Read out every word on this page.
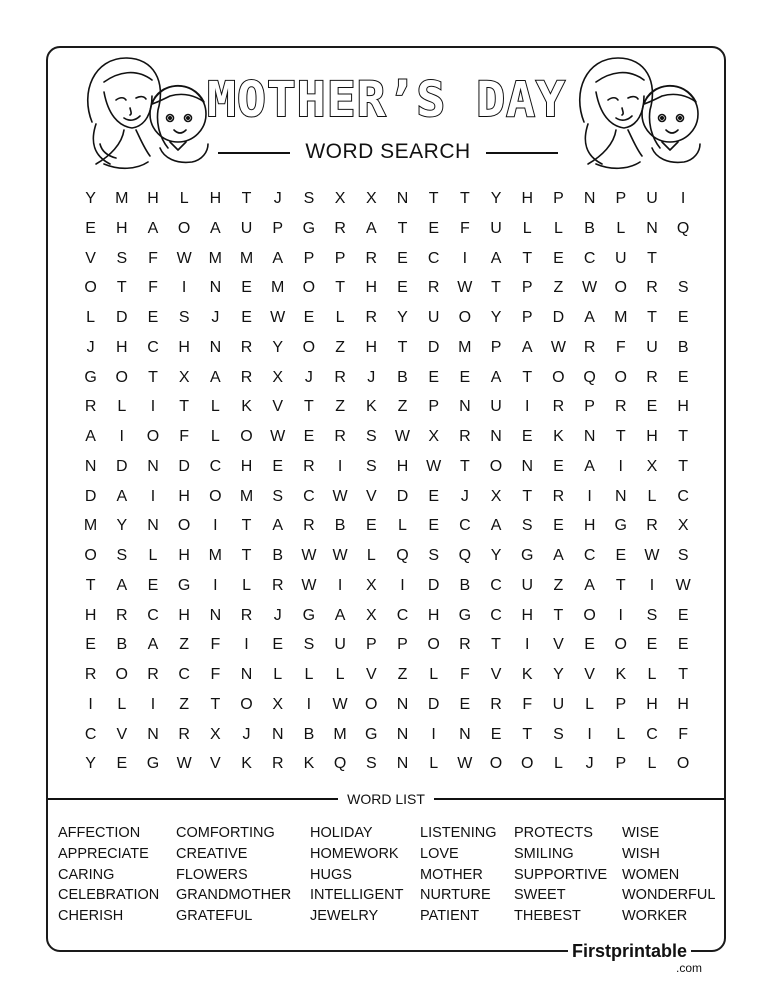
MOTHER’S DAY
WORD SEARCH
Y	M	H	L	H	T	J	S	X	X	N	T	T	Y	H	P	N	P	U	I
E	H	A	O	A	U	P	G	R	A	T	E	F	U	L	L	B	L	N	Q
V	S	F	W	M	M	A	P	P	R	E	C	I	A	T	E	C	U	T
O	T	F	I	N	E	M	O	T	H	E	R	W	T	P	Z	W	O	R	S
L	D	E	S	J	E	W	E	L	R	Y	U	O	Y	P	D	A	M	T	E
J	H	C	H	N	R	Y	O	Z	H	T	D	M	P	A	W	R	F	U	B
G	O	T	X	A	R	X	J	R	J	B	E	E	A	T	O	Q	O	R	E
R	L	I	T	L	K	V	T	Z	K	Z	P	N	U	I	R	P	R	E	H
A	I	O	F	L	O	W	E	R	S	W	X	R	N	E	K	N	T	H	T
N	D	N	D	C	H	E	R	I	S	H	W	T	O	N	E	A	I	X	T
D	A	I	H	O	M	S	C	W	V	D	E	J	X	T	R	I	N	L	C
M	Y	N	O	I	T	A	R	B	E	L	E	C	A	S	E	H	G	R	X
O	S	L	H	M	T	B	W	W	L	Q	S	Q	Y	G	A	C	E	W	S
T	A	E	G	I	L	R	W	I	X	I	D	B	C	U	Z	A	T	I	W
H	R	C	H	N	R	J	G	A	X	C	H	G	C	H	T	O	I	S	E
E	B	A	Z	F	I	E	S	U	P	P	O	R	T	I	V	E	O	E	E
R	O	R	C	F	N	L	L	L	V	Z	L	F	V	K	Y	V	K	L	T
I	L	I	Z	T	O	X	I	W	O	N	D	E	R	F	U	L	P	H	H
C	V	N	R	X	J	N	B	M	G	N	I	N	E	T	S	I	L	C	F
Y	E	G	W	V	K	R	K	Q	S	N	L	W	O	O	L	J	P	L	O
WORD LIST
AFFECTION
APPRECIATE
CARING
CELEBRATION
CHERISH
COMFORTING
CREATIVE
FLOWERS
GRANDMOTHER
GRATEFUL
HOLIDAY
HOMEWORK
HUGS
INTELLIGENT
JEWELRY
LISTENING
LOVE
MOTHER
NURTURE
PATIENT
PROTECTS
SMILING
SUPPORTIVE
SWEET
THEBEST
WISE
WISH
WOMEN
WONDERFUL
WORKER
Firstprintable
.com
